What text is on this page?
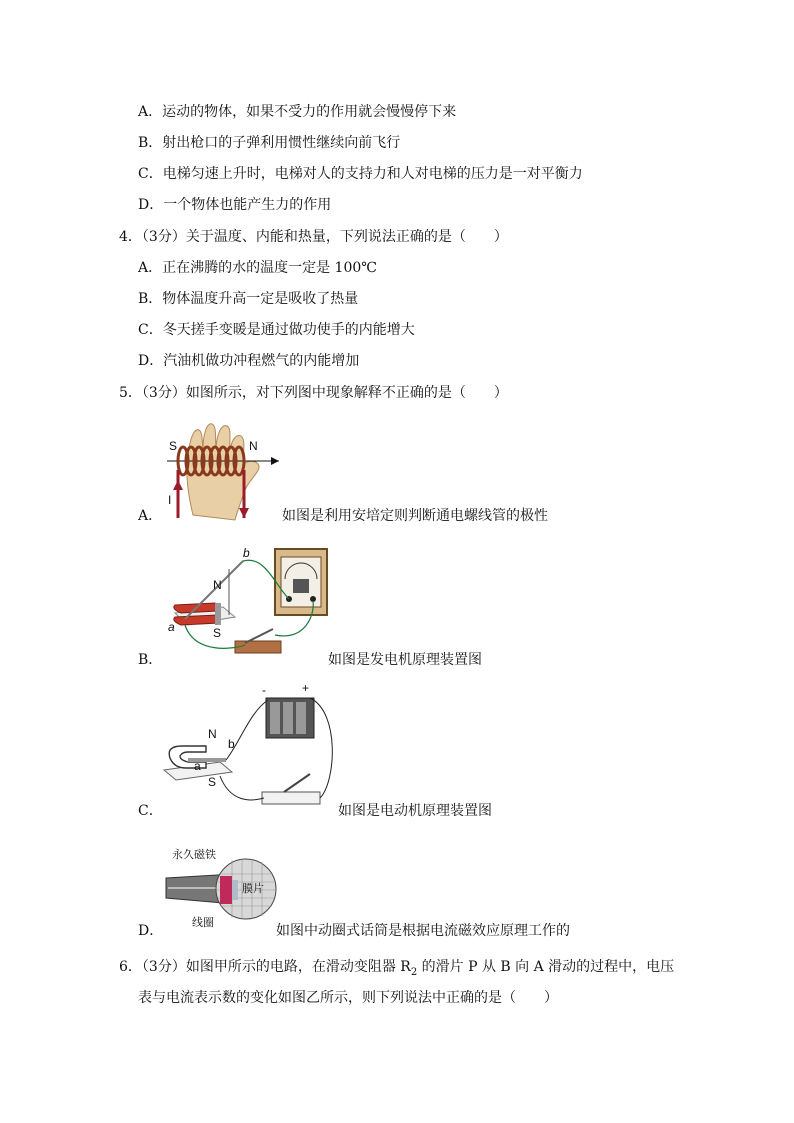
A．运动的物体，如果不受力的作用就会慢慢停下来
B．射出枪口的子弹利用惯性继续向前飞行
C．电梯匀速上升时，电梯对人的支持力和人对电梯的压力是一对平衡力
D．一个物体也能产生力的作用
4．（3分）关于温度、内能和热量，下列说法正确的是（　　）
A．正在沸腾的水的温度一定是 100℃
B．物体温度升高一定是吸收了热量
C．冬天搓手变暖是通过做功使手的内能增大
D．汽油机做功冲程燃气的内能增加
5．（3分）如图所示，对下列图中现象解释不正确的是（　　）
A．
S	N
I
如图是利用安培定则判断通电螺线管的极性
B．
N
S
a
b
如图是发电机原理装置图
C．
N
S
a
b
-	+
如图是电动机原理装置图
D．
永久磁铁
膜片
线圈
如图中动圈式话筒是根据电流磁效应原理工作的
6．（3分）如图甲所示的电路，在滑动变阻器 $R_2$ 的滑片 P 从 B 向 A 滑动的过程中，电压
表与电流表示数的变化如图乙所示，则下列说法中正确的是（　　）
